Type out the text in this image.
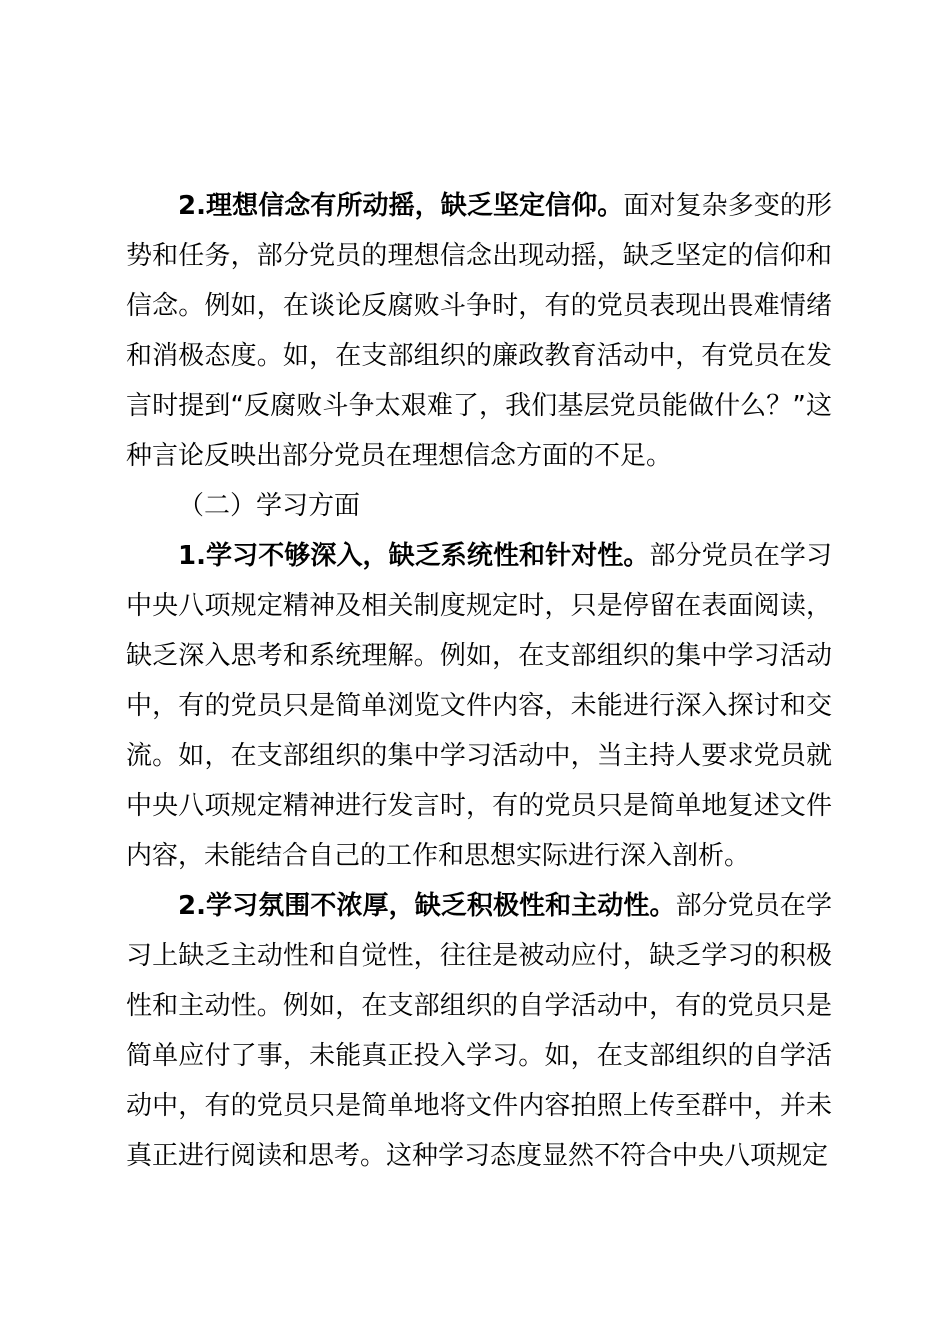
2.理想信念有所动摇，缺乏坚定信仰。面对复杂多变的形势和任务，部分党员的理想信念出现动摇，缺乏坚定的信仰和信念。例如，在谈论反腐败斗争时，有的党员表现出畏难情绪和消极态度。如，在支部组织的廉政教育活动中，有党员在发言时提到“反腐败斗争太艰难了，我们基层党员能做什么？”这种言论反映出部分党员在理想信念方面的不足。

（二）学习方面

1.学习不够深入，缺乏系统性和针对性。部分党员在学习中央八项规定精神及相关制度规定时，只是停留在表面阅读，缺乏深入思考和系统理解。例如，在支部组织的集中学习活动中，有的党员只是简单浏览文件内容，未能进行深入探讨和交流。如，在支部组织的集中学习活动中，当主持人要求党员就中央八项规定精神进行发言时，有的党员只是简单地复述文件内容，未能结合自己的工作和思想实际进行深入剖析。

2.学习氛围不浓厚，缺乏积极性和主动性。部分党员在学习上缺乏主动性和自觉性，往往是被动应付，缺乏学习的积极性和主动性。例如，在支部组织的自学活动中，有的党员只是简单应付了事，未能真正投入学习。如，在支部组织的自学活动中，有的党员只是简单地将文件内容拍照上传至群中，并未真正进行阅读和思考。这种学习态度显然不符合中央八项规定
